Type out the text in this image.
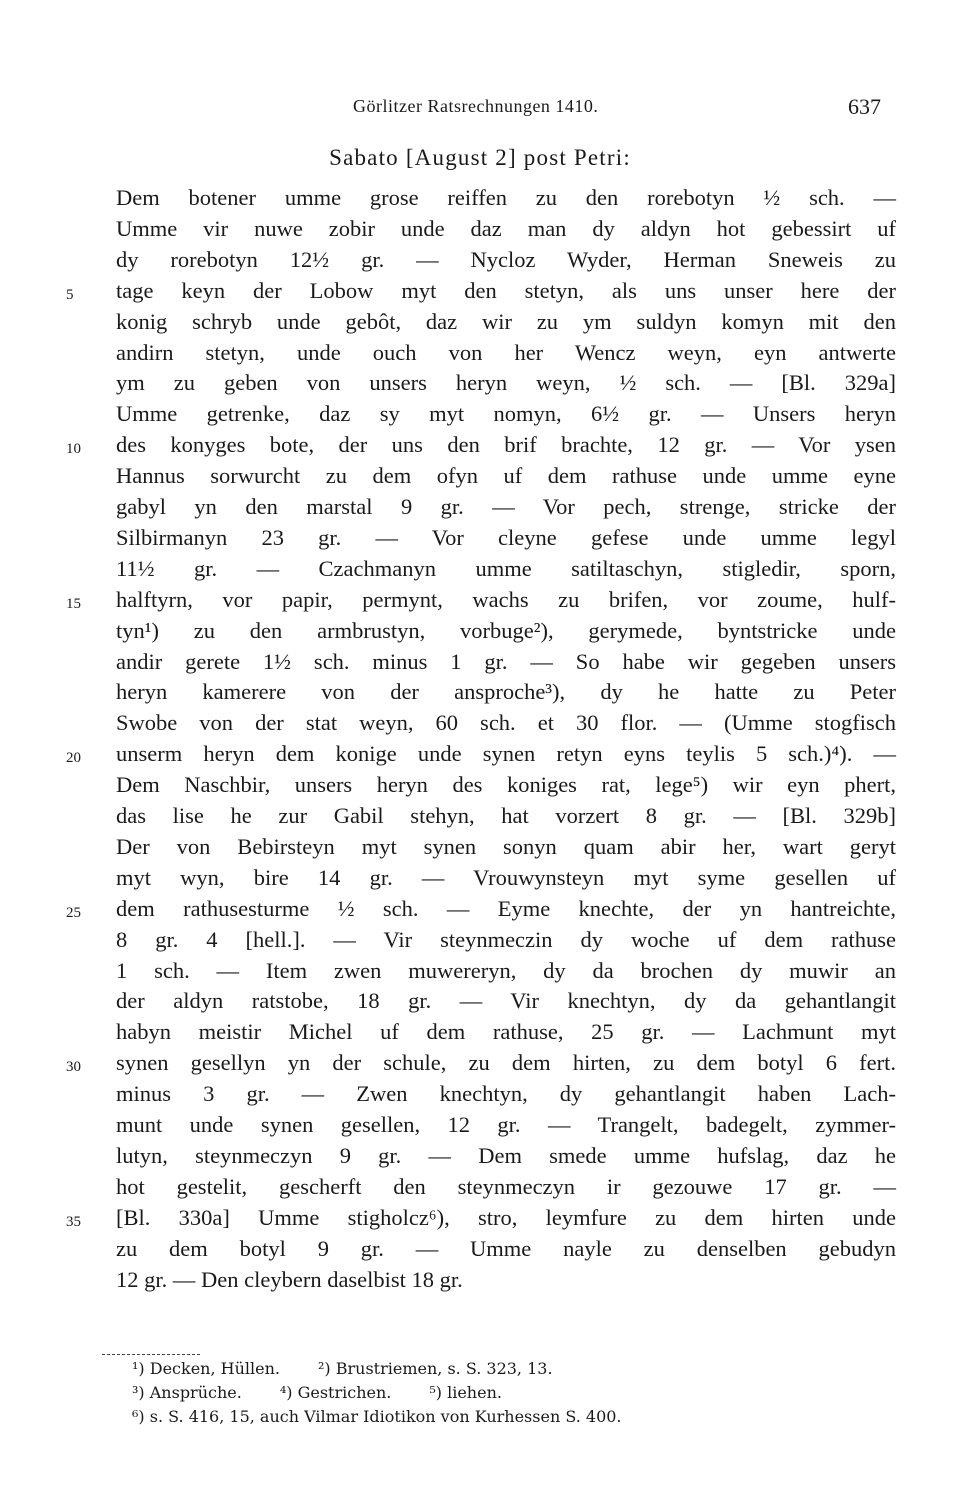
Görlitzer Ratsrechnungen 1410.	637
Sabato [August 2] post Petri:
Dem botener umme grose reiffen zu den rorebotyn ½ sch. —
Umme vir nuwe zobir unde daz man dy aldyn hot gebessirt uf
dy rorebotyn 12½ gr. — Nycloz Wyder, Herman Sneweis zu
tage keyn der Lobow myt den stetyn, als uns unser here der
5
konig schryb unde gebôt, daz wir zu ym suldyn komyn mit den
andirn stetyn, unde ouch von her Wencz weyn, eyn antwerte
ym zu geben von unsers heryn weyn, ½ sch. — [Bl. 329a]
Umme getrenke, daz sy myt nomyn, 6½ gr. — Unsers heryn
des konyges bote, der uns den brif brachte, 12 gr. — Vor ysen
10
Hannus sorwurcht zu dem ofyn uf dem rathuse unde umme eyne
gabyl yn den marstal 9 gr. — Vor pech, strenge, stricke der
Silbirmanyn 23 gr. — Vor cleyne gefese unde umme legyl
11½ gr. — Czachmanyn umme satiltaschyn, stigledir, sporn,
halftyrn, vor papir, permynt, wachs zu brifen, vor zoume, hulf-
15
tyn¹) zu den armbrustyn, vorbuge²), gerymede, byntstricke unde
andir gerete 1½ sch. minus 1 gr. — So habe wir gegeben unsers
heryn kamerere von der ansproche³), dy he hatte zu Peter
Swobe von der stat weyn, 60 sch. et 30 flor. — (Umme stogfisch
unserm heryn dem konige unde synen retyn eyns teylis 5 sch.)⁴). —
20
Dem Naschbir, unsers heryn des koniges rat, lege⁵) wir eyn phert,
das lise he zur Gabil stehyn, hat vorzert 8 gr. — [Bl. 329b]
Der von Bebirsteyn myt synen sonyn quam abir her, wart geryt
myt wyn, bire 14 gr. — Vrouwynsteyn myt syme gesellen uf
dem rathusesturme ½ sch. — Eyme knechte, der yn hantreichte,
25
8 gr. 4 [hell.]. — Vir steynmeczin dy woche uf dem rathuse
1 sch. — Item zwen muwereryn, dy da brochen dy muwir an
der aldyn ratstobe, 18 gr. — Vir knechtyn, dy da gehantlangit
habyn meistir Michel uf dem rathuse, 25 gr. — Lachmunt myt
synen gesellyn yn der schule, zu dem hirten, zu dem botyl 6 fert.
30
minus 3 gr. — Zwen knechtyn, dy gehantlangit haben Lach-
munt unde synen gesellen, 12 gr. — Trangelt, badegelt, zymmer-
lutyn, steynmeczyn 9 gr. — Dem smede umme hufslag, daz he
hot gestelit, gescherft den steynmeczyn ir gezouwe 17 gr. —
[Bl. 330a] Umme stigholcz⁶), stro, leymfure zu dem hirten unde
35
zu dem botyl 9 gr. — Umme nayle zu denselben gebudyn
12 gr. — Den cleybern daselbist 18 gr.
¹) Decken, Hüllen. ²) Brustriemen, s. S. 323, 13.
³) Ansprüche. ⁴) Gestrichen. ⁵) liehen.
⁶) s. S. 416, 15, auch Vilmar Idiotikon von Kurhessen S. 400.
